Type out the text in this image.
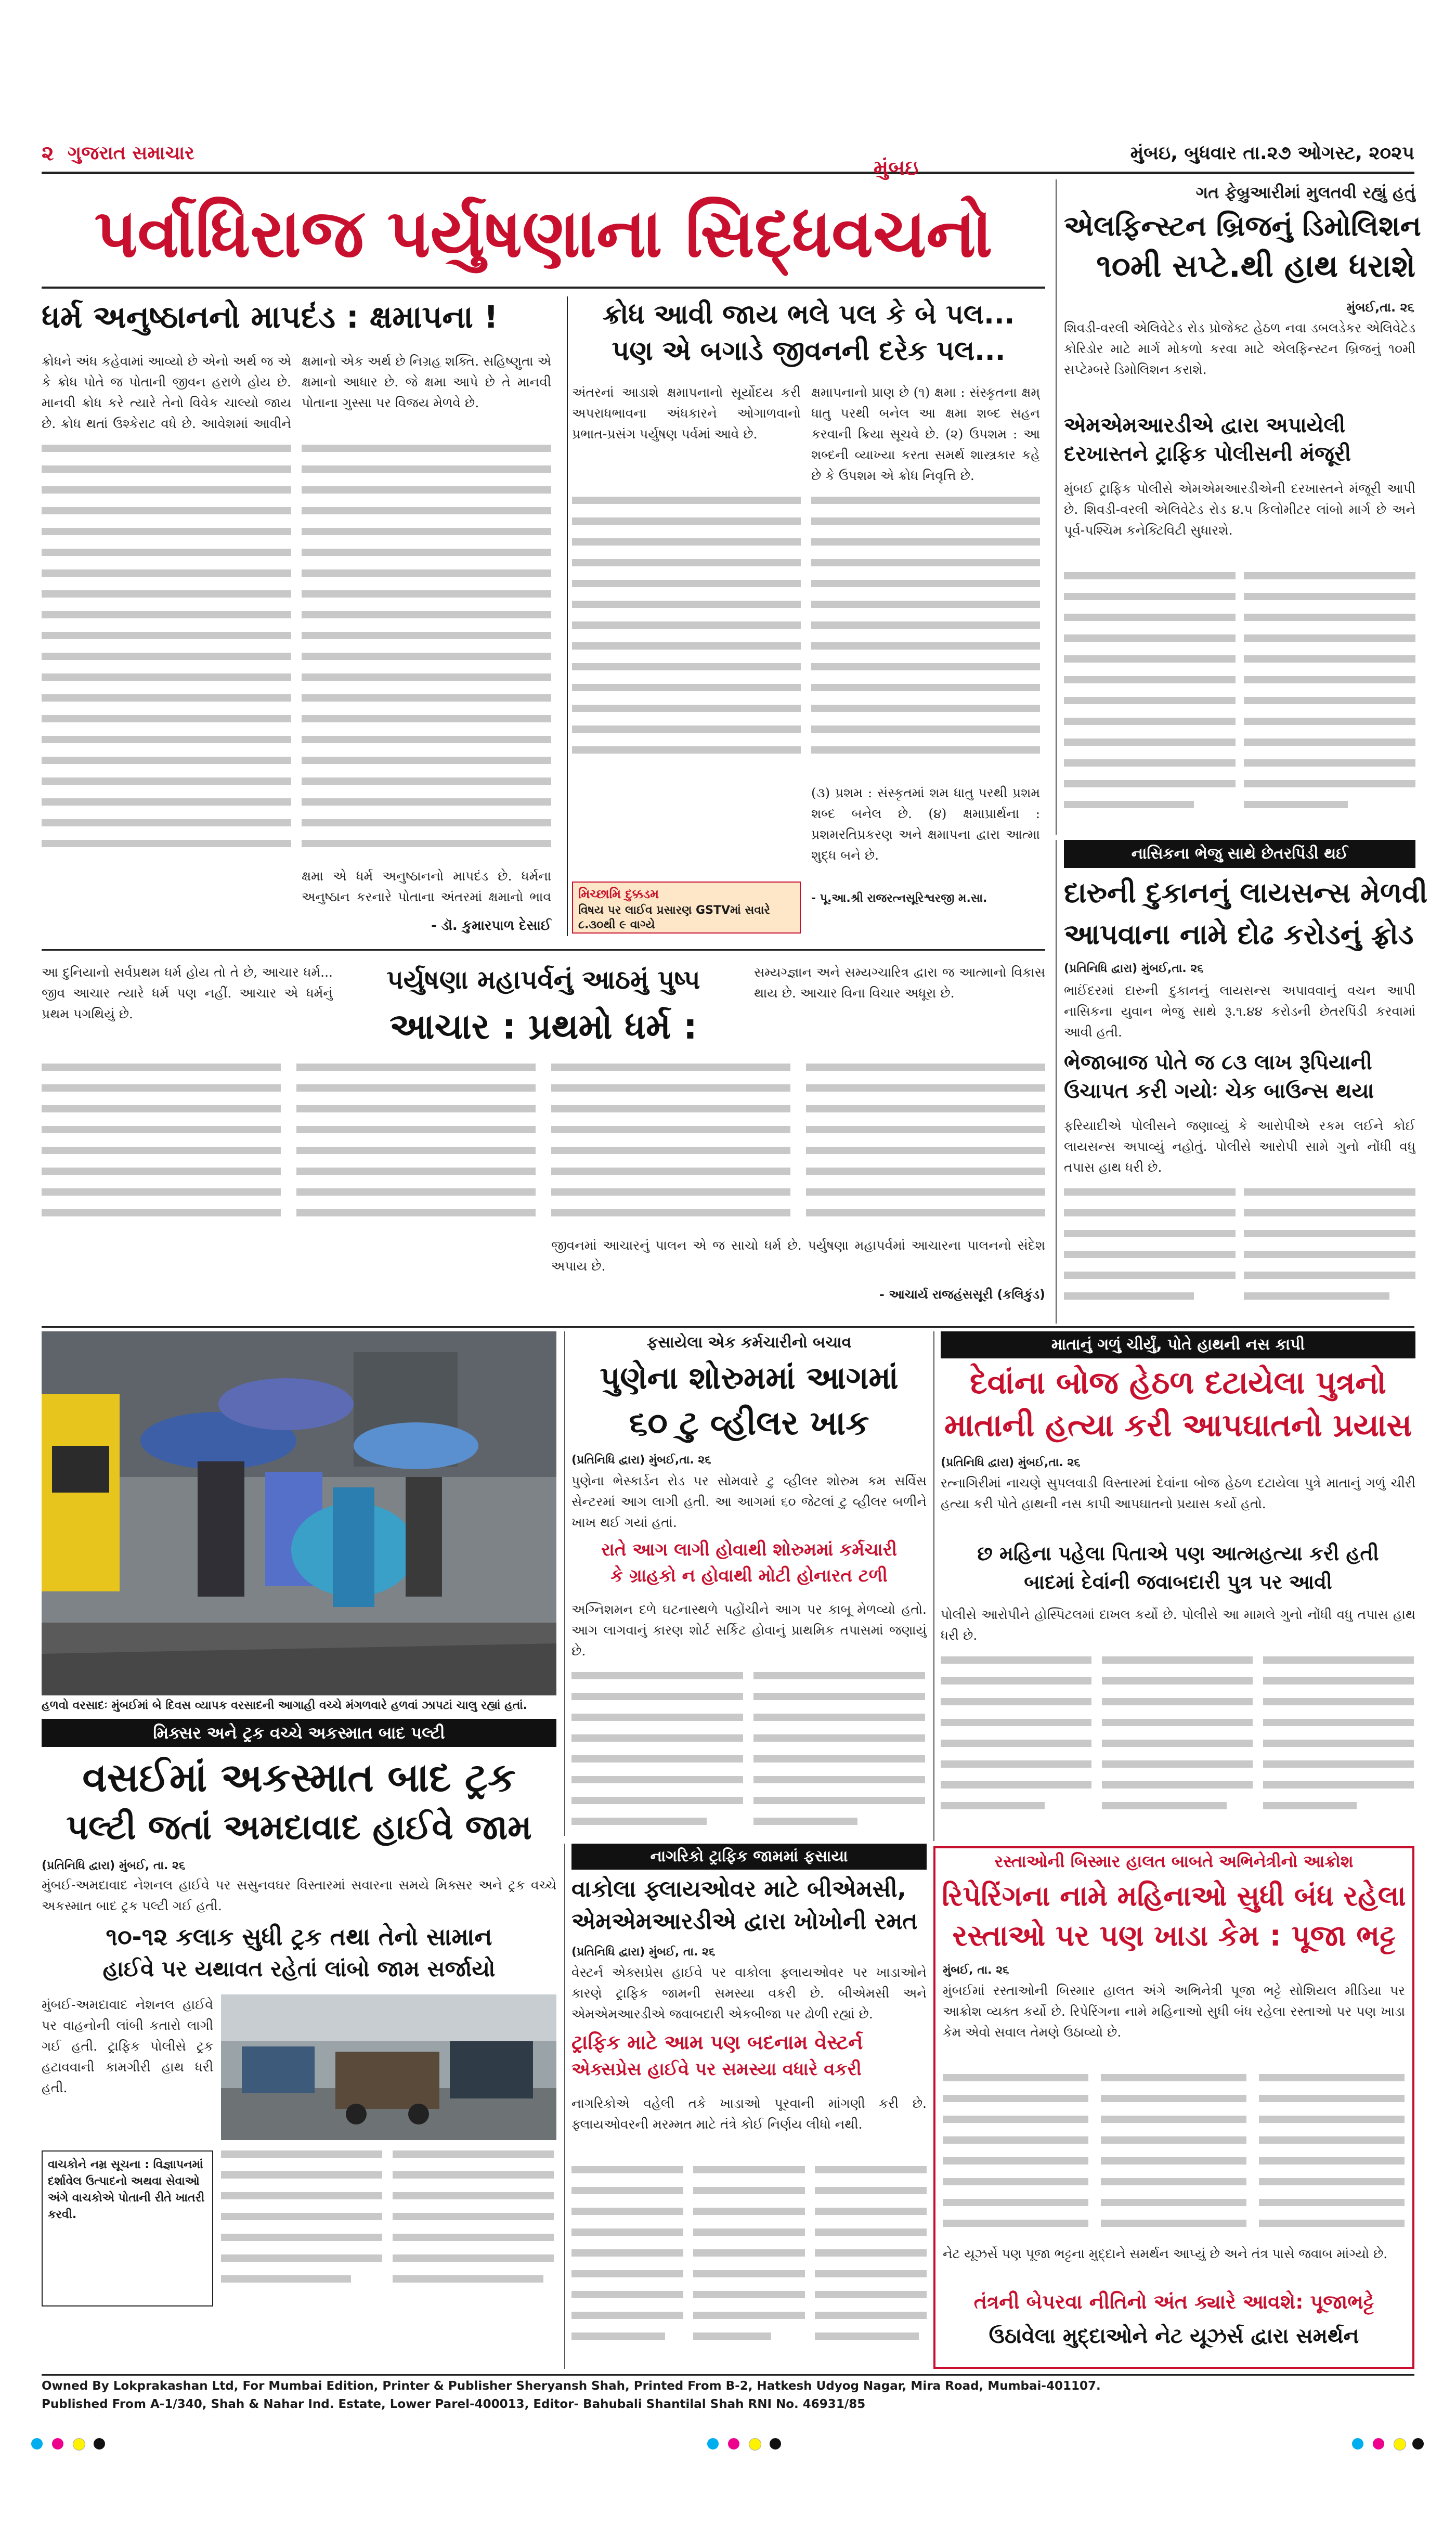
૨ ગુજરાત સમાચાર	મુંબઇ, બુધવાર તા.૨૭ ઓગસ્ટ, ૨૦૨૫
મુંબઇ
પર્વાધિરાજ પર્યુષણાના સિદ્ધવચનો
ગત ફેબ્રુઆરીમાં મુલતવી રહ્યું હતું
એલફિન્સ્ટન બ્રિજનું ડિમોલિશન
૧૦મી સપ્ટે.થી હાથ ધરાશે
મુંબઈ,તા. ૨૬
શિવડી-વરલી એલિવેટેડ રોડ પ્રોજેક્ટ હેઠળ નવા ડબલડેકર એલિવેટેડ કોરિડોર માટે માર્ગ મોકળો કરવા માટે એલફિન્સ્ટન બ્રિજનું ૧૦મી સપ્ટેમ્બરે ડિમોલિશન કરાશે.
એમએમઆરડીએ દ્વારા અપાયેલી
દરખાસ્તને ટ્રાફિક પોલીસની મંજૂરી
મુંબઈ ટ્રાફિક પોલીસે એમએમઆરડીએની દરખાસ્તને મંજૂરી આપી છે. શિવડી-વરલી એલિવેટેડ રોડ ૪.૫ કિલોમીટર લાંબો માર્ગ છે અને પૂર્વ-પશ્ચિમ કનેક્ટિવિટી સુધારશે.
ધર્મ અનુષ્ઠાનનો માપદંડ : ક્ષમાપના !
ક્રોધને અંધ કહેવામાં આવ્યો છે એનો અર્થ જ એ કે ક્રોધ પોતે જ પોતાની જીવન હરાળે હોય છે. માનવી ક્રોધ કરે ત્યારે તેનો વિવેક ચાલ્યો જાય છે. ક્રોધ થતાં ઉશ્કેરાટ વધે છે. આવેશમાં આવીને
ક્ષમાનો એક અર્થ છે નિગ્રહ શક્તિ. સહિષ્ણુતા એ ક્ષમાનો આધાર છે. જે ક્ષમા આપે છે તે માનવી પોતાના ગુસ્સા પર વિજય મેળવે છે.
ક્ષમા એ ધર્મ અનુષ્ઠાનનો માપદંડ છે. ધર્મના અનુષ્ઠાન કરનારે પોતાના અંતરમાં ક્ષમાનો ભાવ
- ડૉ. કુમારપાળ દેસાઈ
ક્રોધ આવી જાય ભલે પલ કે બે પલ...
પણ એ બગાડે જીવનની દરેક પલ...
અંતરનાં આડાશે ક્ષમાપનાનો સૂર્યોદય કરી અપરાધભાવના અંધકારને ઓગાળવાનો પ્રભાત-પ્રસંગ પર્યુષણ પર્વમાં આવે છે.
ક્ષમાપનાનો પ્રાણ છે (૧) ક્ષમા : સંસ્કૃતના ક્ષમ્ ધાતુ પરથી બનેલ આ ક્ષમા શબ્દ સહન કરવાની ક્રિયા સૂચવે છે. (૨) ઉપશમ : આ શબ્દની વ્યાખ્યા કરતા સમર્થ શાસ્ત્રકાર કહે છે કે ઉપશમ એ ક્રોધ નિવૃત્તિ છે.
(૩) પ્રશમ : સંસ્કૃતમાં શમ ધાતુ પરથી પ્રશમ શબ્દ બનેલ છે. (૪) ક્ષમાપ્રાર્થના : પ્રશમરતિપ્રકરણ અને ક્ષમાપના દ્વારા આત્મા શુદ્ધ બને છે.
- પૂ.આ.શ્રી રાજરત્નસૂરિશ્વરજી મ.સા.
મિચ્છામિ દુક્કડમ
વિષય પર લાઈવ પ્રસારણ GSTVમાં સવારે ૮.૩૦થી ૯ વાગ્યે
નાસિકના ભેજુ સાથે છેતરપિંડી થઈ
દારુની દુકાનનું લાયસન્સ મેળવી
આપવાના નામે દોઢ કરોડનું ફ્રોડ
(પ્રતિનિધિ દ્વારા) મુંબઈ,તા. ૨૬
ભાઈંદરમાં દારુની દુકાનનું લાયસન્સ અપાવવાનું વચન આપી નાસિકના યુવાન ભેજુ સાથે રૂ.૧.૪૪ કરોડની છેતરપિંડી કરવામાં આવી હતી.
ભેજાબાજ પોતે જ ૮૩ લાખ રૂપિયાની
ઉચાપત કરી ગયોઃ ચેક બાઉન્સ થયા
ફરિયાદીએ પોલીસને જણાવ્યું કે આરોપીએ રકમ લઈને કોઈ લાયસન્સ અપાવ્યું નહોતું. પોલીસે આરોપી સામે ગુનો નોંધી વધુ તપાસ હાથ ધરી છે.
આ દુનિયાનો સર્વપ્રથમ ધર્મ હોય તો તે છે, આચાર ધર્મ... જીવ આચાર ત્યારે ધર્મ પણ નહીં. આચાર એ ધર્મનું પ્રથમ પગથિયું છે.
પર્યુષણા મહાપર્વનું આઠમું પુષ્પ
આચાર : પ્રથમો ધર્મ :
સમ્યગ્જ્ઞાન અને સમ્યગ્ચારિત્ર દ્વારા જ આત્માનો વિકાસ થાય છે. આચાર વિના વિચાર અધૂરા છે.
જીવનમાં આચારનું પાલન એ જ સાચો ધર્મ છે. પર્યુષણા મહાપર્વમાં આચારના પાલનનો સંદેશ અપાય છે.
- આચાર્ય રાજહંસસૂરી (કલિકુંડ)
હળવો વરસાદઃ મુંબઈમાં બે દિવસ વ્યાપક વરસાદની આગાહી વચ્ચે મંગળવારે હળવાં ઝાપટાં ચાલુ રહ્યાં હતાં.
ફસાયેલા એક કર્મચારીનો બચાવ
પુણેના શોરુમમાં આગમાં
૬૦ ટુ વ્હીલર ખાક
(પ્રતિનિધિ દ્વારા) મુંબઈ,તા. ૨૬
પુણેના ભેસ્કાર્ડન રોડ પર સોમવારે ટુ વ્હીલર શોરુમ કમ સર્વિસ સેન્ટરમાં આગ લાગી હતી. આ આગમાં ૬૦ જેટલાં ટુ વ્હીલર બળીને ખાખ થઈ ગયાં હતાં.
રાતે આગ લાગી હોવાથી શોરુમમાં કર્મચારી
કે ગ્રાહકો ન હોવાથી મોટી હોનારત ટળી
અગ્નિશમન દળે ઘટનાસ્થળે પહોંચીને આગ પર કાબૂ મેળવ્યો હતો. આગ લાગવાનું કારણ શોર્ટ સર્કિટ હોવાનું પ્રાથમિક તપાસમાં જણાયું છે.
માતાનું ગળું ચીર્યું, પોતે હાથની નસ કાપી
દેવાંના બોજ હેઠળ દટાયેલા પુત્રનો
માતાની હત્યા કરી આપઘાતનો પ્રયાસ
(પ્રતિનિધિ દ્વારા) મુંબઈ,તા. ૨૬
રત્નાગિરીમાં નાચણે સુપલવાડી વિસ્તારમાં દેવાંના બોજ હેઠળ દટાયેલા પુત્રે માતાનું ગળું ચીરી હત્યા કરી પોતે હાથની નસ કાપી આપઘાતનો પ્રયાસ કર્યો હતો.
છ મહિના પહેલા પિતાએ પણ આત્મહત્યા કરી હતી
બાદમાં દેવાંની જવાબદારી પુત્ર પર આવી
પોલીસે આરોપીને હોસ્પિટલમાં દાખલ કર્યો છે. પોલીસે આ મામલે ગુનો નોંધી વધુ તપાસ હાથ ધરી છે.
મિક્સર અને ટ્રક વચ્ચે અકસ્માત બાદ પલ્ટી
વસઈમાં અકસ્માત બાદ ટ્રક
પલ્ટી જતાં અમદાવાદ હાઈવે જામ
(પ્રતિનિધિ દ્વારા) મુંબઈ, તા. ૨૬
મુંબઈ-અમદાવાદ નેશનલ હાઈવે પર સસુનવઘર વિસ્તારમાં સવારના સમયે મિક્સર અને ટ્રક વચ્ચે અકસ્માત બાદ ટ્રક પલ્ટી ગઈ હતી.
૧૦-૧૨ કલાક સુધી ટ્રક તથા તેનો સામાન
હાઈવે પર યથાવત રહેતાં લાંબો જામ સર્જાયો
મુંબઈ-અમદાવાદ નેશનલ હાઈવે પર વાહનોની લાંબી કતારો લાગી ગઈ હતી. ટ્રાફિક પોલીસે ટ્રક હટાવવાની કામગીરી હાથ ધરી હતી.
વાચકોને નમ્ર સૂચના : વિજ્ઞાપનમાં દર્શાવેલ ઉત્પાદનો અથવા સેવાઓ અંગે વાચકોએ પોતાની રીતે ખાતરી કરવી.
નાગરિકો ટ્રાફિક જામમાં ફસાયા
વાકોલા ફ્લાયઓવર માટે બીએમસી,
એમએમઆરડીએ દ્વારા ખોખોની રમત
(પ્રતિનિધિ દ્વારા) મુંબઈ, તા. ૨૬
વેસ્ટર્ન એક્સપ્રેસ હાઈવે પર વાકોલા ફ્લાયઓવર પર ખાડાઓને કારણે ટ્રાફિક જામની સમસ્યા વકરી છે. બીએમસી અને એમએમઆરડીએ જવાબદારી એકબીજા પર ઢોળી રહ્યાં છે.
ટ્રાફિક માટે આમ પણ બદનામ વેસ્ટર્ન
એક્સપ્રેસ હાઈવે પર સમસ્યા વધારે વકરી
નાગરિકોએ વહેલી તકે ખાડાઓ પૂરવાની માંગણી કરી છે. ફ્લાયઓવરની મરમ્મત માટે તંત્રે કોઈ નિર્ણય લીધો નથી.
રસ્તાઓની બિસ્માર હાલત બાબતે અભિનેત્રીનો આક્રોશ
રિપેરિંગના નામે મહિનાઓ સુધી બંધ રહેલા
રસ્તાઓ પર પણ ખાડા કેમ : પૂજા ભટ્ટ
મુંબઈ, તા. ૨૬
મુંબઈમાં રસ્તાઓની બિસ્માર હાલત અંગે અભિનેત્રી પૂજા ભટ્ટે સોશિયલ મીડિયા પર આક્રોશ વ્યક્ત કર્યો છે. રિપેરિંગના નામે મહિનાઓ સુધી બંધ રહેલા રસ્તાઓ પર પણ ખાડા કેમ એવો સવાલ તેમણે ઉઠાવ્યો છે.
નેટ યૂઝર્સે પણ પૂજા ભટ્ટના મુદ્દાને સમર્થન આપ્યું છે અને તંત્ર પાસે જવાબ માંગ્યો છે.
તંત્રની બેપરવા નીતિનો અંત ક્યારે આવશે: પૂજાભટ્ટે
ઉઠાવેલા મુદ્દાઓને નેટ યૂઝર્સ દ્વારા સમર્થન
Owned By Lokprakashan Ltd, For Mumbai Edition, Printer & Publisher Sheryansh Shah, Printed From B-2, Hatkesh Udyog Nagar, Mira Road, Mumbai-401107.
Published From A-1/340, Shah & Nahar Ind. Estate, Lower Parel-400013, Editor- Bahubali Shantilal Shah RNI No. 46931/85
